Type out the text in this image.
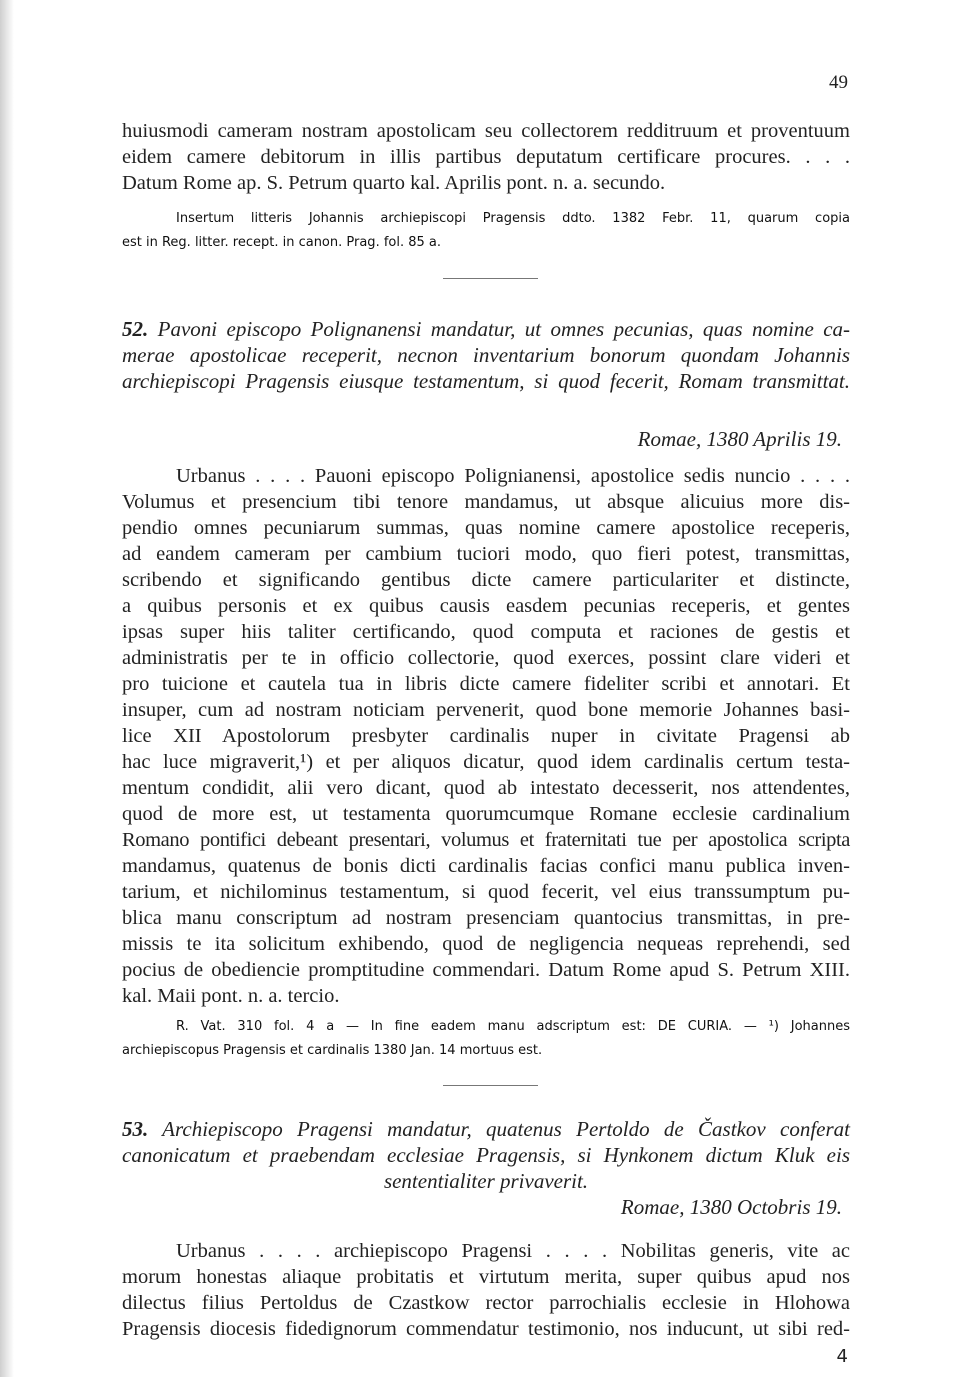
49
huiusmodi cameram nostram apostolicam seu collectorem redditruum et proventuum
eidem camere debitorum in illis partibus deputatum certificare procures. . . .
Datum Rome ap. S. Petrum quarto kal. Aprilis pont. n. a. secundo.
Insertum litteris Johannis archiepiscopi Pragensis ddto. 1382 Febr. 11, quarum copia
est in Reg. litter. recept. in canon. Prag. fol. 85 a.
52. Pavoni episcopo Polignanensi mandatur, ut omnes pecunias, quas nomine ca-
merae apostolicae receperit, necnon inventarium bonorum quondam Johannis
archiepiscopi Pragensis eiusque testamentum, si quod fecerit, Romam transmittat.
Romae, 1380 Aprilis 19.
Urbanus . . . . Pauoni episcopo Polignianensi, apostolice sedis nuncio . . . .
Volumus et presencium tibi tenore mandamus, ut absque alicuius more dis-
pendio omnes pecuniarum summas, quas nomine camere apostolice receperis,
ad eandem cameram per cambium tuciori modo, quo fieri potest, transmittas,
scribendo et significando gentibus dicte camere particulariter et distincte,
a quibus personis et ex quibus causis easdem pecunias receperis, et gentes
ipsas super hiis taliter certificando, quod computa et raciones de gestis et
administratis per te in officio collectorie, quod exerces, possint clare videri et
pro tuicione et cautela tua in libris dicte camere fideliter scribi et annotari. Et
insuper, cum ad nostram noticiam pervenerit, quod bone memorie Johannes basi-
lice XII Apostolorum presbyter cardinalis nuper in civitate Pragensi ab
hac luce migraverit,¹) et per aliquos dicatur, quod idem cardinalis certum testa-
mentum condidit, alii vero dicant, quod ab intestato decesserit, nos attendentes,
quod de more est, ut testamenta quorumcumque Romane ecclesie cardinalium
Romano pontifici debeant presentari, volumus et fraternitati tue per apostolica scripta
mandamus, quatenus de bonis dicti cardinalis facias confici manu publica inven-
tarium, et nichilominus testamentum, si quod fecerit, vel eius transsumptum pu-
blica manu conscriptum ad nostram presenciam quantocius transmittas, in pre-
missis te ita solicitum exhibendo, quod de negligencia nequeas reprehendi, sed
pocius de obediencie promptitudine commendari. Datum Rome apud S. Petrum XIII.
kal. Maii pont. n. a. tercio.
R. Vat. 310 fol. 4 a — In fine eadem manu adscriptum est: DE CURIA. — ¹) Johannes
archiepiscopus Pragensis et cardinalis 1380 Jan. 14 mortuus est.
53. Archiepiscopo Pragensi mandatur, quatenus Pertoldo de Častkov conferat
canonicatum et praebendam ecclesiae Pragensis, si Hynkonem dictum Kluk eis
sententialiter privaverit.
Romae, 1380 Octobris 19.
Urbanus . . . . archiepiscopo Pragensi . . . . Nobilitas generis, vite ac
morum honestas aliaque probitatis et virtutum merita, super quibus apud nos
dilectus filius Pertoldus de Czastkow rector parrochialis ecclesie in Hlohowa
Pragensis diocesis fidedignorum commendatur testimonio, nos inducunt, ut sibi red-
4
